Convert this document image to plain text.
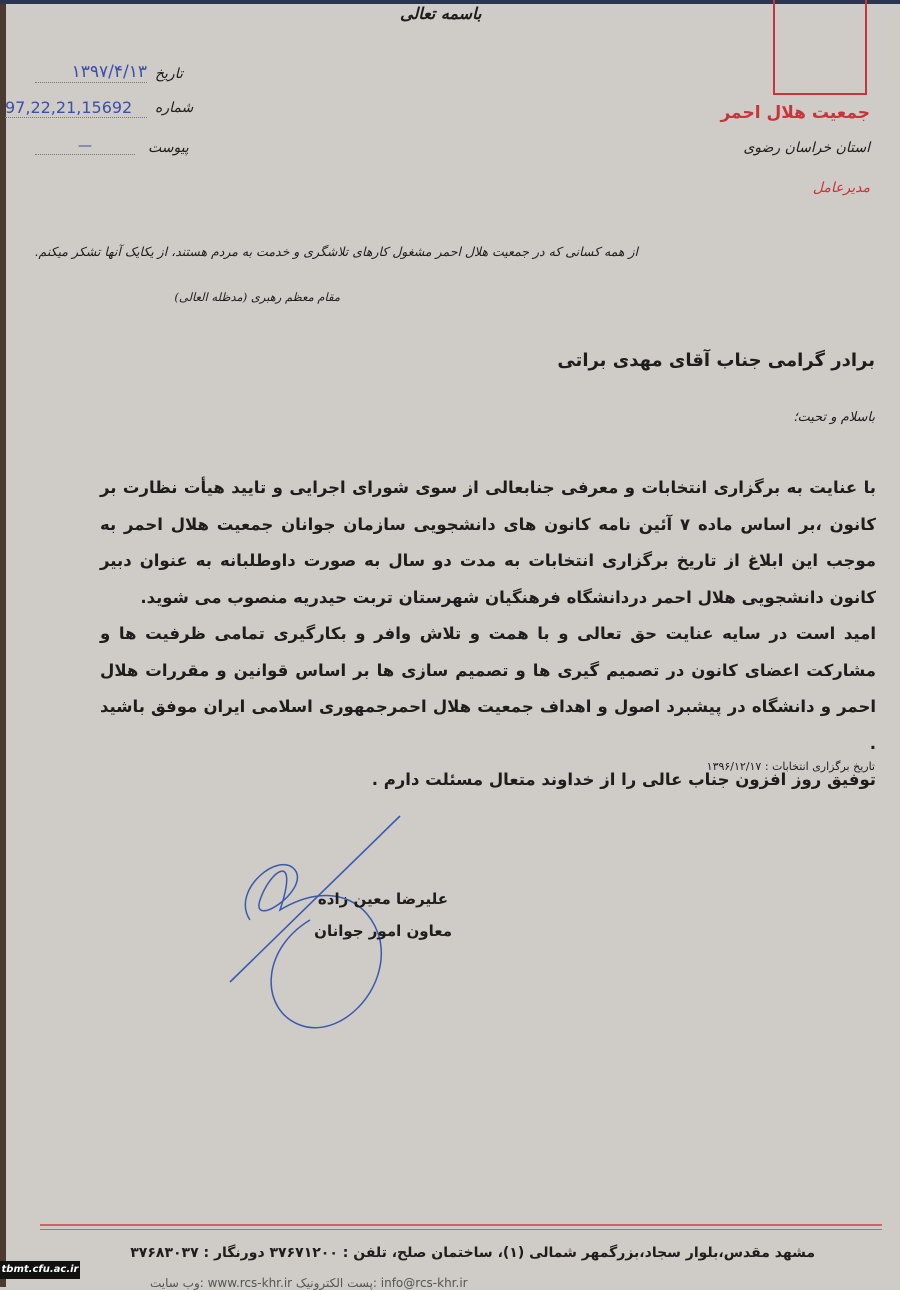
جمعیت هلال احمر
استان خراسان رضوی
مدیرعامل
باسمه تعالی
تاریخ
۱۳۹۷/۴/۱۳
شماره
97,22,21,15692
پیوست
—
از همه کسانی که در جمعیت هلال احمر مشغول کارهای تلاشگری و خدمت به مردم هستند، از یکایک آنها تشکر میکنم.
مقام معظم رهبری (مدظله العالی)
برادر گرامی جناب آقای مهدی براتی
باسلام و تحیت؛

با عنایت به برگزاری انتخابات و معرفی جنابعالی از سوی شورای اجرایی و تایید هیأت نظارت بر کانون ،بر اساس ماده ۷ آئین نامه کانون های دانشجویی سازمان جوانان جمعیت هلال احمر به موجب این ابلاغ از تاریخ برگزاری انتخابات به مدت دو سال به صورت داوطلبانه به عنوان دبیر کانون دانشجویی هلال احمر دردانشگاه فرهنگیان شهرستان تربت حیدریه منصوب می شوید.

امید است در سایه عنایت حق تعالی و با همت و تلاش وافر و بکارگیری تمامی ظرفیت ها و مشارکت اعضای کانون در تصمیم گیری ها و تصمیم سازی ها بر اساس قوانین و مقررات هلال احمر و دانشگاه در پیشبرد اصول و اهداف جمعیت هلال احمرجمهوری اسلامی ایران موفق باشید .

توفیق روز افزون جناب عالی را از خداوند متعال مسئلت دارم .

تاریخ برگزاری انتخابات : ۱۳۹۶/۱۲/۱۷
علیرضا معین زاده
معاون امور جوانان
مشهد مقدس،بلوار سجاد،بزرگمهر شمالی (۱)، ساختمان صلح، تلفن : ۳۷۶۷۱۲۰۰ دورنگار : ۳۷۶۸۳۰۳۷
وب سایت: www.rcs-khr.ir پست الکترونیک: info@rcs-khr.ir
tbmt.cfu.ac.ir
